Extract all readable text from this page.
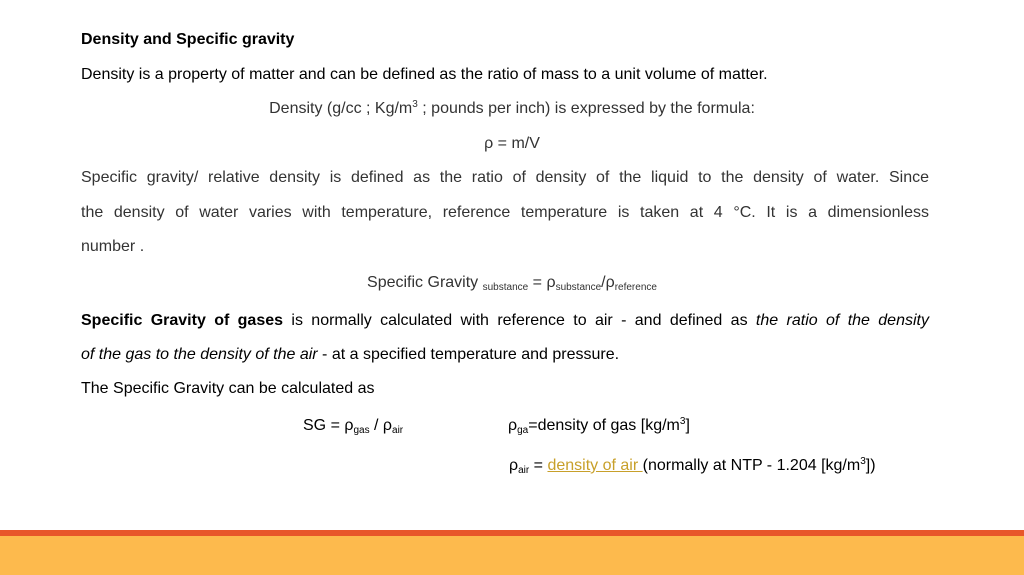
Density and Specific gravity
Density is a property of matter and can be defined as the ratio of mass to a unit volume of matter.
Density (g/cc ; $Kg/m^3$ ; pounds per inch) is expressed by the formula:
ρ = m/V
Specific gravity/ relative density is defined as the ratio of density of the liquid to the density of water. Since
the density of water varies with temperature, reference temperature is taken at 4 °C. It is a dimensionless
number .
Specific Gravity $_{substance} = \rho_{substance}/\rho_{reference}$
Specific Gravity of gases is normally calculated with reference to air - and defined as the ratio of the density
of the gas to the density of the air - at a specified temperature and pressure.
The Specific Gravity can be calculated as
SG = $\rho_{gas} / \rho_{air}$	$\rho_{ga}=density$ of gas $[kg/m^3]$
$\rho_{air}$ = density of air (normally at NTP - 1.204 $[kg/m^3]$)
